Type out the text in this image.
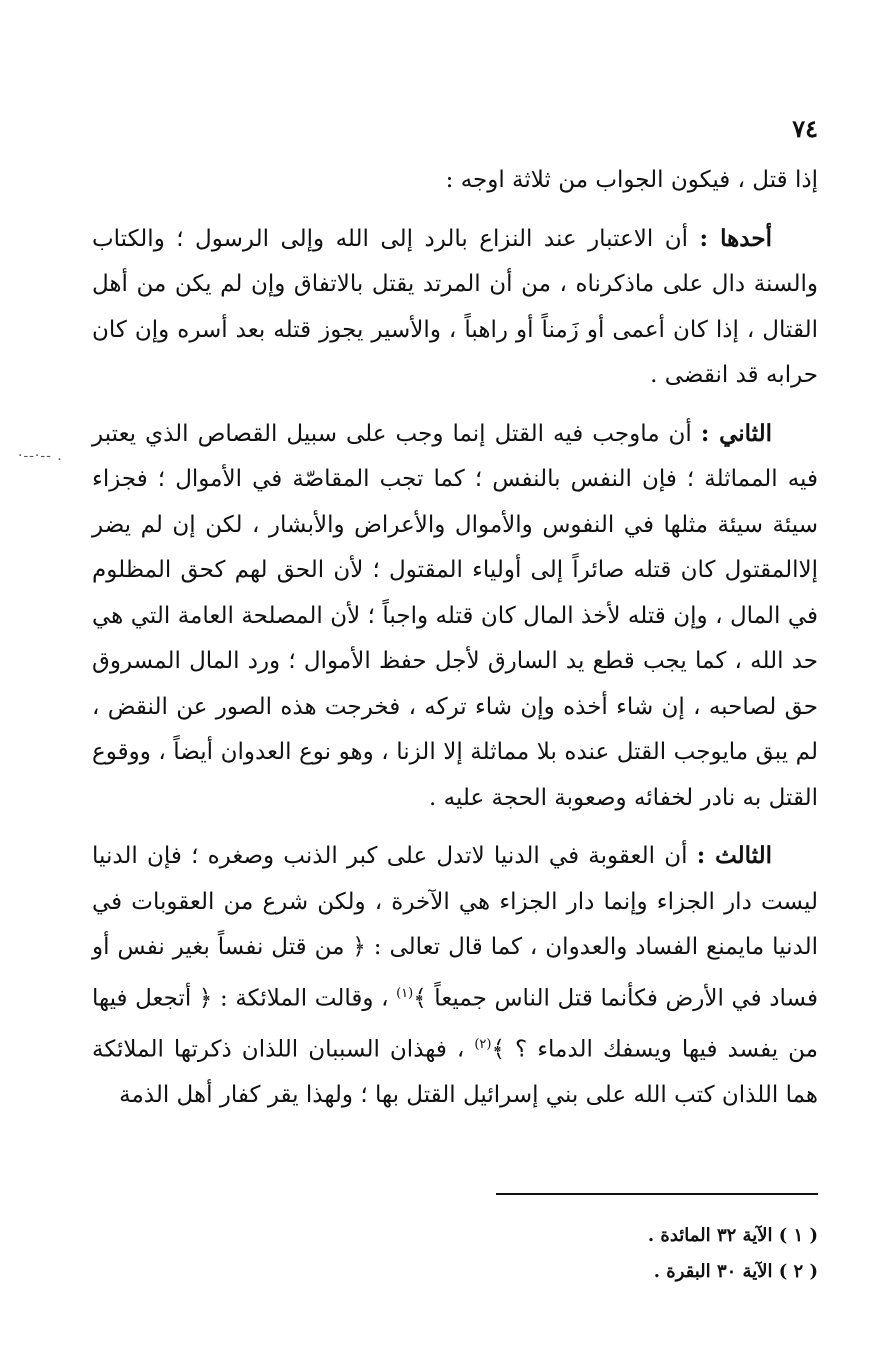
·--·-- .
٧٤

إذا قتل ، فيكون الجواب من ثلاثة اوجه :

أحدها : أن الاعتبار عند النزاع بالرد إلى الله وإلى الرسول ؛ والكتاب والسنة دال على ماذكرناه ، من أن المرتد يقتل بالاتفاق وإن لم يكن من أهل القتال ، إذا كان أعمى أو زَمناً أو راهباً ، والأسير يجوز قتله بعد أسره وإن كان حرابه قد انقضى .

الثاني : أن ماوجب فيه القتل إنما وجب على سبيل القصاص الذي يعتبر فيه المماثلة ؛ فإن النفس بالنفس ؛ كما تجب المقاصّة في الأموال ؛ فجزاء سيئة سيئة مثلها في النفوس والأموال والأعراض والأبشار ، لكن إن لم يضر إلاالمقتول كان قتله صائراً إلى أولياء المقتول ؛ لأن الحق لهم كحق المظلوم في المال ، وإن قتله لأخذ المال كان قتله واجباً ؛ لأن المصلحة العامة التي هي حد الله ، كما يجب قطع يد السارق لأجل حفظ الأموال ؛ ورد المال المسروق حق لصاحبه ، إن شاء أخذه وإن شاء تركه ، فخرجت هذه الصور عن النقض ، لم يبق مايوجب القتل عنده بلا مماثلة إلا الزنا ، وهو نوع العدوان أيضاً ، ووقوع القتل به نادر لخفائه وصعوبة الحجة عليه .

الثالث : أن العقوبة في الدنيا لاتدل على كبر الذنب وصغره ؛ فإن الدنيا ليست دار الجزاء وإنما دار الجزاء هي الآخرة ، ولكن شرع من العقوبات في الدنيا مايمنع الفساد والعدوان ، كما قال تعالى : ﴿ من قتل نفساً بغير نفس أو فساد في الأرض فكأنما قتل الناس جميعاً ﴾$^{(١)}$ ، وقالت الملائكة : ﴿ أتجعل فيها من يفسد فيها ويسفك الدماء ؟ ﴾$^{(٢)}$ ، فهذان السببان اللذان ذكرتها الملائكة هما اللذان كتب الله على بني إسرائيل القتل بها ؛ ولهذا يقر كفار أهل الذمة

( ١ ) الآية ٣٢ المائدة .

( ٢ ) الآية ٣٠ البقرة .
